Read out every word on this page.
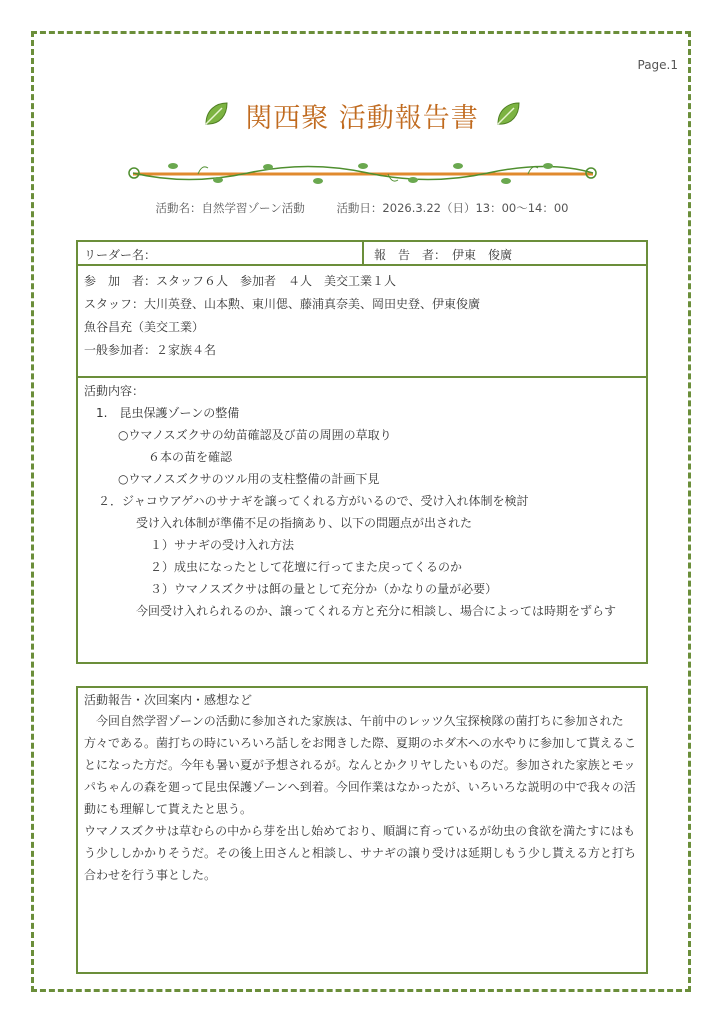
Page.1
関西聚 活動報告書
活動名：自然学習ゾーン活動	活動日：2026.3.22（日）13：00〜14：00
リーダー名：	報　告　者：　伊東　俊廣
参　加　者：スタッフ６人　参加者　４人　美交工業１人
スタッフ：大川英登、山本勲、東川偲、藤浦真奈美、岡田史登、伊東俊廣
魚谷昌充（美交工業）
一般参加者：２家族４名
活動内容：
1.　昆虫保護ゾーンの整備
○ウマノスズクサの幼苗確認及び苗の周囲の草取り
６本の苗を確認
○ウマノスズクサのツル用の支柱整備の計画下見
２．ジャコウアゲハのサナギを譲ってくれる方がいるので、受け入れ体制を検討
受け入れ体制が準備不足の指摘あり、以下の問題点が出された
１）サナギの受け入れ方法
２）成虫になったとして花壇に行ってまた戻ってくるのか
３）ウマノスズクサは餌の量として充分か（かなりの量が必要）
今回受け入れられるのか、譲ってくれる方と充分に相談し、場合によっては時期をずらす
活動報告・次回案内・感想など
　今回自然学習ゾーンの活動に参加された家族は、午前中のレッツ久宝探検隊の菌打ちに参加された方々である。菌打ちの時にいろいろ話しをお聞きした際、夏期のホダ木への水やりに参加して貰えることになった方だ。今年も暑い夏が予想されるが。なんとかクリヤしたいものだ。参加された家族とモッパちゃんの森を廻って昆虫保護ゾーンへ到着。今回作業はなかったが、いろいろな説明の中で我々の活動にも理解して貰えたと思う。
ウマノスズクサは草むらの中から芽を出し始めており、順調に育っているが幼虫の食欲を満たすにはもう少ししかかりそうだ。その後上田さんと相談し、サナギの譲り受けは延期しもう少し貰える方と打ち合わせを行う事とした。
